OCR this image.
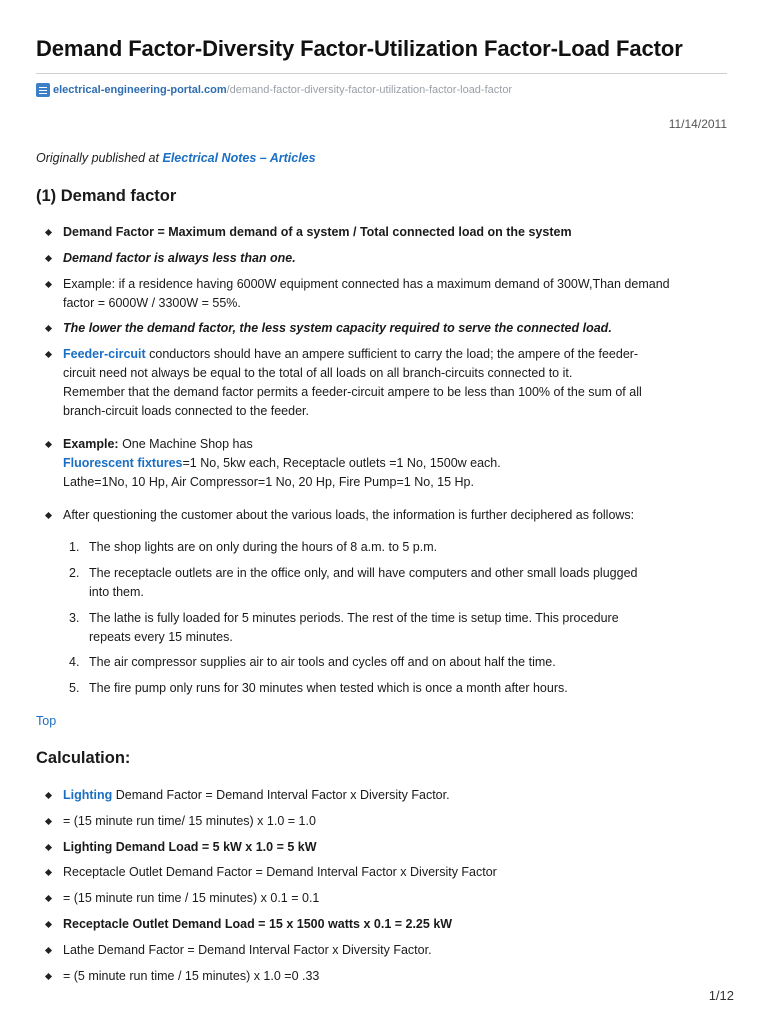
Demand Factor-Diversity Factor-Utilization Factor-Load Factor
electrical-engineering-portal.com /demand-factor-diversity-factor-utilization-factor-load-factor
11/14/2011
Originally published at Electrical Notes – Articles
(1) Demand factor
Demand Factor = Maximum demand of a system / Total connected load on the system
Demand factor is always less than one.
Example: if a residence having 6000W equipment connected has a maximum demand of 300W,Than demand
factor = 6000W / 3300W = 55%.
The lower the demand factor, the less system capacity required to serve the connected load.
Feeder-circuit conductors should have an ampere sufficient to carry the load; the ampere of the feeder-
circuit need not always be equal to the total of all loads on all branch-circuits connected to it.
Remember that the demand factor permits a feeder-circuit ampere to be less than 100% of the sum of all
branch-circuit loads connected to the feeder.
Example: One Machine Shop has
Fluorescent fixtures=1 No, 5kw each, Receptacle outlets =1 No, 1500w each.
Lathe=1No, 10 Hp, Air Compressor=1 No, 20 Hp, Fire Pump=1 No, 15 Hp.
After questioning the customer about the various loads, the information is further deciphered as follows:
1. The shop lights are on only during the hours of 8 a.m. to 5 p.m.
2. The receptacle outlets are in the office only, and will have computers and other small loads plugged
into them.
3. The lathe is fully loaded for 5 minutes periods. The rest of the time is setup time. This procedure
repeats every 15 minutes.
4. The air compressor supplies air to air tools and cycles off and on about half the time.
5. The fire pump only runs for 30 minutes when tested which is once a month after hours.
Top
Calculation:
Lighting Demand Factor = Demand Interval Factor x Diversity Factor.
= (15 minute run time/ 15 minutes) x 1.0 = 1.0
Lighting Demand Load = 5 kW x 1.0 = 5 kW
Receptacle Outlet Demand Factor = Demand Interval Factor x Diversity Factor
= (15 minute run time / 15 minutes) x 0.1 = 0.1
Receptacle Outlet Demand Load = 15 x 1500 watts x 0.1 = 2.25 kW
Lathe Demand Factor = Demand Interval Factor x Diversity Factor.
= (5 minute run time / 15 minutes) x 1.0 =0 .33
1/12
